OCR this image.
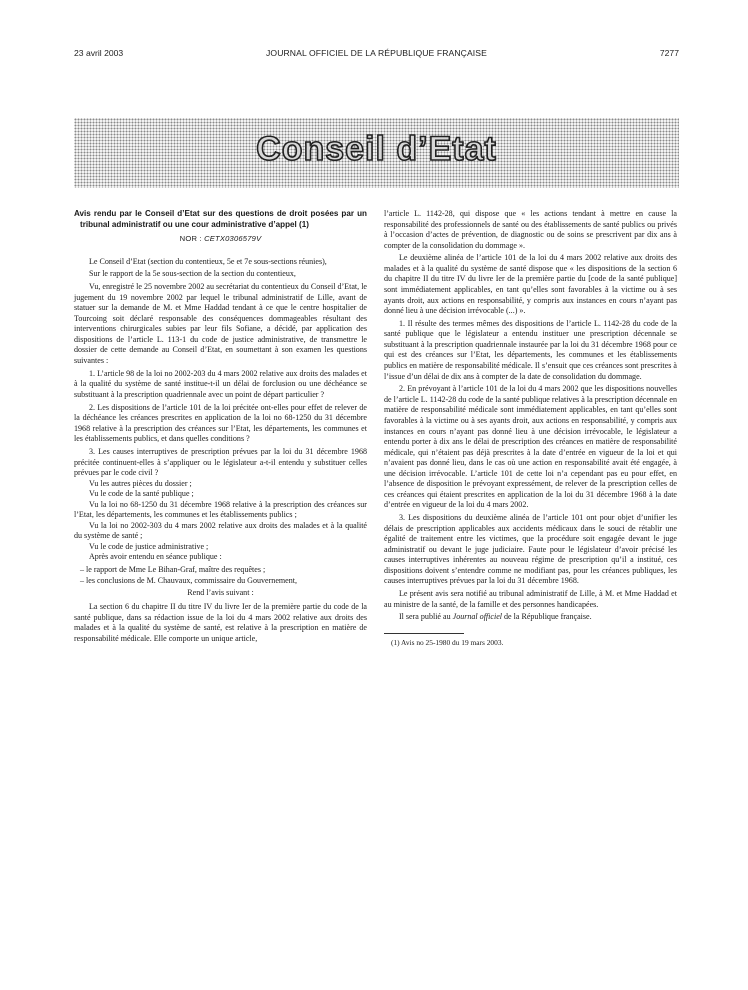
JOURNAL OFFICIEL DE LA RÉPUBLIQUE FRANÇAISE
23 avril 2003	7277
Conseil d’Etat
Avis rendu par le Conseil d’Etat sur des questions de droit posées par un tribunal administratif ou une cour administrative d’appel (1)
NOR : CETX0306579V

Le Conseil d’Etat (section du contentieux, 5e et 7e sous-sections réunies),

Sur le rapport de la 5e sous-section de la section du contentieux,

Vu, enregistré le 25 novembre 2002 au secrétariat du contentieux du Conseil d’Etat, le jugement du 19 novembre 2002 par lequel le tribunal administratif de Lille, avant de statuer sur la demande de M. et Mme Haddad tendant à ce que le centre hospitalier de Tourcoing soit déclaré responsable des conséquences dommageables résultant des interventions chirurgicales subies par leur fils Sofiane, a décidé, par application des dispositions de l’article L. 113-1 du code de justice administrative, de transmettre le dossier de cette demande au Conseil d’Etat, en soumettant à son examen les questions suivantes :

1. L’article 98 de la loi no 2002-203 du 4 mars 2002 relative aux droits des malades et à la qualité du système de santé institue-t-il un délai de forclusion ou une déchéance se substituant à la prescription quadriennale avec un point de départ particulier ?

2. Les dispositions de l’article 101 de la loi précitée ont-elles pour effet de relever de la déchéance les créances prescrites en application de la loi no 68-1250 du 31 décembre 1968 relative à la prescription des créances sur l’Etat, les départements, les communes et les établissements publics, et dans quelles conditions ?

3. Les causes interruptives de prescription prévues par la loi du 31 décembre 1968 précitée continuent-elles à s’appliquer ou le législateur a-t-il entendu y substituer celles prévues par le code civil ?

Vu les autres pièces du dossier ;

Vu le code de la santé publique ;

Vu la loi no 68-1250 du 31 décembre 1968 relative à la prescription des créances sur l’Etat, les départements, les communes et les établissements publics ;

Vu la loi no 2002-303 du 4 mars 2002 relative aux droits des malades et à la qualité du système de santé ;

Vu le code de justice administrative ;

Après avoir entendu en séance publique :

– le rapport de Mme Le Bihan-Graf, maître des requêtes ;

– les conclusions de M. Chauvaux, commissaire du Gouvernement,

Rend l’avis suivant :

La section 6 du chapitre II du titre IV du livre Ier de la première partie du code de la santé publique, dans sa rédaction issue de la loi du 4 mars 2002 relative aux droits des malades et à la qualité du système de santé, est relative à la prescription en matière de responsabilité médicale. Elle comporte un unique article,

l’article L. 1142-28, qui dispose que « les actions tendant à mettre en cause la responsabilité des professionnels de santé ou des établissements de santé publics ou privés à l’occasion d’actes de prévention, de diagnostic ou de soins se prescrivent par dix ans à compter de la consolidation du dommage ».

Le deuxième alinéa de l’article 101 de la loi du 4 mars 2002 relative aux droits des malades et à la qualité du système de santé dispose que « les dispositions de la section 6 du chapitre II du titre IV du livre Ier de la première partie du [code de la santé publique] sont immédiatement applicables, en tant qu’elles sont favorables à la victime ou à ses ayants droit, aux actions en responsabilité, y compris aux instances en cours n’ayant pas donné lieu à une décision irrévocable (...) ».

1. Il résulte des termes mêmes des dispositions de l’article L. 1142-28 du code de la santé publique que le législateur a entendu instituer une prescription décennale se substituant à la prescription quadriennale instaurée par la loi du 31 décembre 1968 pour ce qui est des créances sur l’Etat, les départements, les communes et les établissements publics en matière de responsabilité médicale. Il s’ensuit que ces créances sont prescrites à l’issue d’un délai de dix ans à compter de la date de consolidation du dommage.

2. En prévoyant à l’article 101 de la loi du 4 mars 2002 que les dispositions nouvelles de l’article L. 1142-28 du code de la santé publique relatives à la prescription décennale en matière de responsabilité médicale sont immédiatement applicables, en tant qu’elles sont favorables à la victime ou à ses ayants droit, aux actions en responsabilité, y compris aux instances en cours n’ayant pas donné lieu à une décision irrévocable, le législateur a entendu porter à dix ans le délai de prescription des créances en matière de responsabilité médicale, qui n’étaient pas déjà prescrites à la date d’entrée en vigueur de la loi et qui n’avaient pas donné lieu, dans le cas où une action en responsabilité avait été engagée, à une décision irrévocable. L’article 101 de cette loi n’a cependant pas eu pour effet, en l’absence de disposition le prévoyant expressément, de relever de la prescription celles de ces créances qui étaient prescrites en application de la loi du 31 décembre 1968 à la date d’entrée en vigueur de la loi du 4 mars 2002.

3. Les dispositions du deuxième alinéa de l’article 101 ont pour objet d’unifier les délais de prescription applicables aux accidents médicaux dans le souci de rétablir une égalité de traitement entre les victimes, que la procédure soit engagée devant le juge administratif ou devant le juge judiciaire. Faute pour le législateur d’avoir précisé les causes interruptives inhérentes au nouveau régime de prescription qu’il a institué, ces dispositions doivent s’entendre comme ne modifiant pas, pour les créances publiques, les causes interruptives prévues par la loi du 31 décembre 1968.

Le présent avis sera notifié au tribunal administratif de Lille, à M. et Mme Haddad et au ministre de la santé, de la famille et des personnes handicapées.

Il sera publié au Journal officiel de la République française.

(1) Avis no 25-1980 du 19 mars 2003.
